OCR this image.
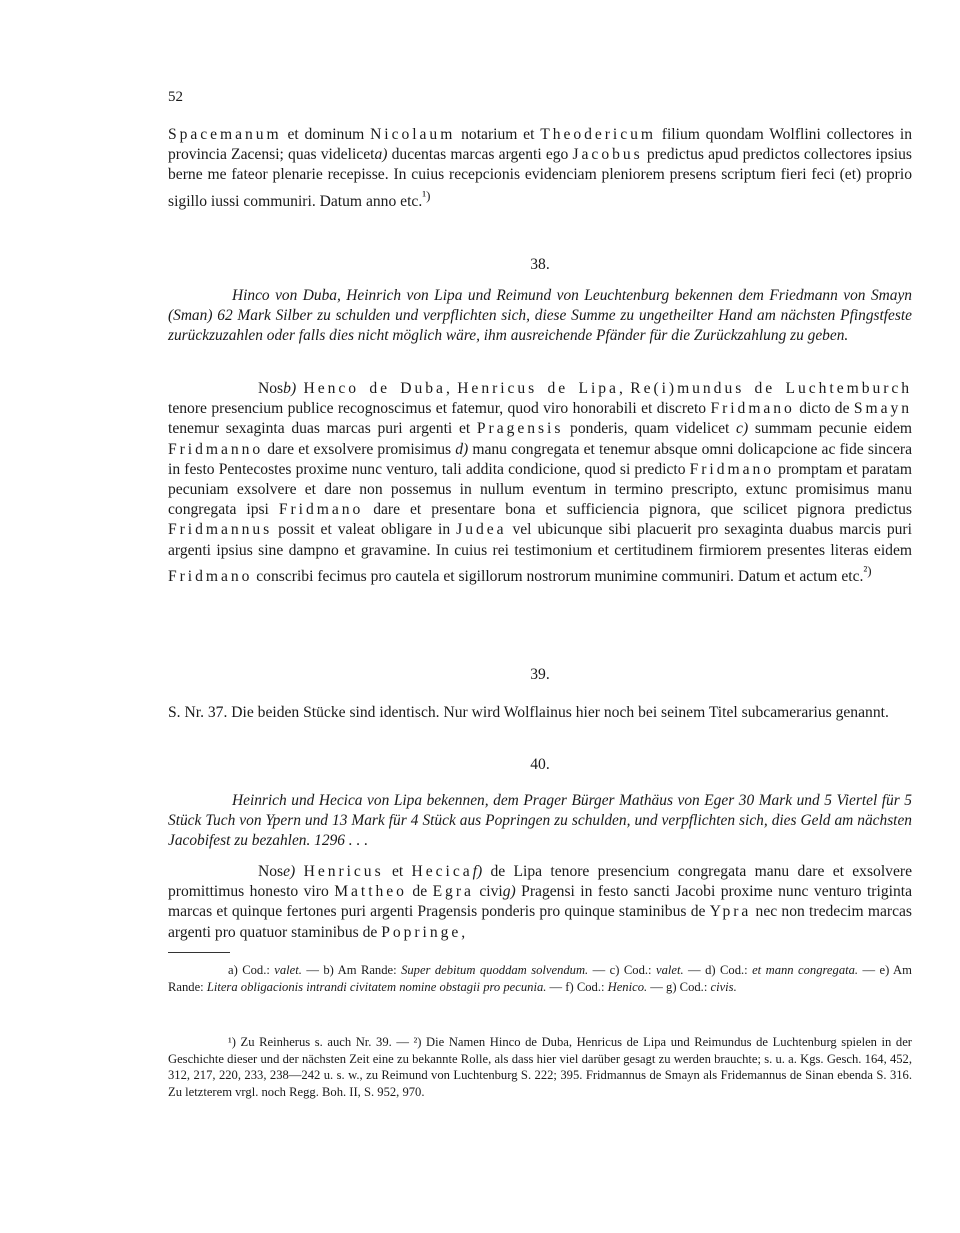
52

Spacemanum et dominum Nicolaum notarium et Theodericum filium quondam Wolflini collectores in provincia Zacensi; quas videliceta) ducentas marcas argenti ego Jacobus predictus apud predictos collectores ipsius berne me fateor plenarie recepisse. In cuius recepcionis evidenciam pleniorem presens scriptum fieri feci (et) proprio sigillo iussi communiri. Datum anno etc.$^{^1)}$

38.

Hinco von Duba, Heinrich von Lipa und Reimund von Leuchtenburg bekennen dem Friedmann von Smayn (Sman) 62 Mark Silber zu schulden und verpflichten sich, diese Summe zu ungetheilter Hand am nächsten Pfingstfeste zurückzuzahlen oder falls dies nicht möglich wäre, ihm ausreichende Pfänder für die Zurückzahlung zu geben.

Nosb) Henco de Duba, Henricus de Lipa, Re(i)mundus de Luchtemburch tenore presencium publice recognoscimus et fatemur, quod viro honorabili et discreto Fridmano dicto de Smayn tenemur sexaginta duas marcas puri argenti et Pragensis ponderis, quam videlicet c) summam pecunie eidem Fridmanno dare et exsolvere promisimus d) manu congregata et tenemur absque omni dolicapcione ac fide sincera in festo Pentecostes proxime nunc venturo, tali addita condicione, quod si predicto Fridmano promptam et paratam pecuniam exsolvere et dare non possemus in nullum eventum in termino prescripto, extunc promisimus manu congregata ipsi Fridmano dare et presentare bona et sufficiencia pignora, que scilicet pignora predictus Fridmannus possit et valeat obligare in Judea vel ubicunque sibi placuerit pro sexaginta duabus marcis puri argenti ipsius sine dampno et gravamine. In cuius rei testimonium et certitudinem firmiorem presentes literas eidem Fridmano conscribi fecimus pro cautela et sigillorum nostrorum munimine communiri. Datum et actum etc.$^{^2)}$

39.

S. Nr. 37. Die beiden Stücke sind identisch. Nur wird Wolflainus hier noch bei seinem Titel subcamerarius genannt.

40.

Heinrich und Hecica von Lipa bekennen, dem Prager Bürger Mathäus von Eger 30 Mark und 5 Viertel für 5 Stück Tuch von Ypern und 13 Mark für 4 Stück aus Popringen zu schulden, und verpflichten sich, dies Geld am nächsten Jacobifest zu bezahlen. 1296 . . .

Nose) Henricus et Hecicaf) de Lipa tenore presencium congregata manu dare et exsolvere promittimus honesto viro Mattheo de Egra civig) Pragensi in festo sancti Jacobi proxime nunc venturo triginta marcas et quinque fertones puri argenti Pragensis ponderis pro quinque staminibus de Ypra nec non tredecim marcas argenti pro quatuor staminibus de Popringe,

a) Cod.: valet. — b) Am Rande: Super debitum quoddam solvendum. — c) Cod.: valet. — d) Cod.: et mann congregata. — e) Am Rande: Litera obligacionis intrandi civitatem nomine obstagii pro pecunia. — f) Cod.: Henico. — g) Cod.: civis.

¹) Zu Reinherus s. auch Nr. 39. — ²) Die Namen Hinco de Duba, Henricus de Lipa und Reimundus de Luchtenburg spielen in der Geschichte dieser und der nächsten Zeit eine zu bekannte Rolle, als dass hier viel darüber gesagt zu werden brauchte; s. u. a. Kgs. Gesch. 164, 452, 312, 217, 220, 233, 238—242 u. s. w., zu Reimund von Luchtenburg S. 222; 395. Fridmannus de Smayn als Fridemannus de Sinan ebenda S. 316. Zu letzterem vrgl. noch Regg. Boh. II, S. 952, 970.
